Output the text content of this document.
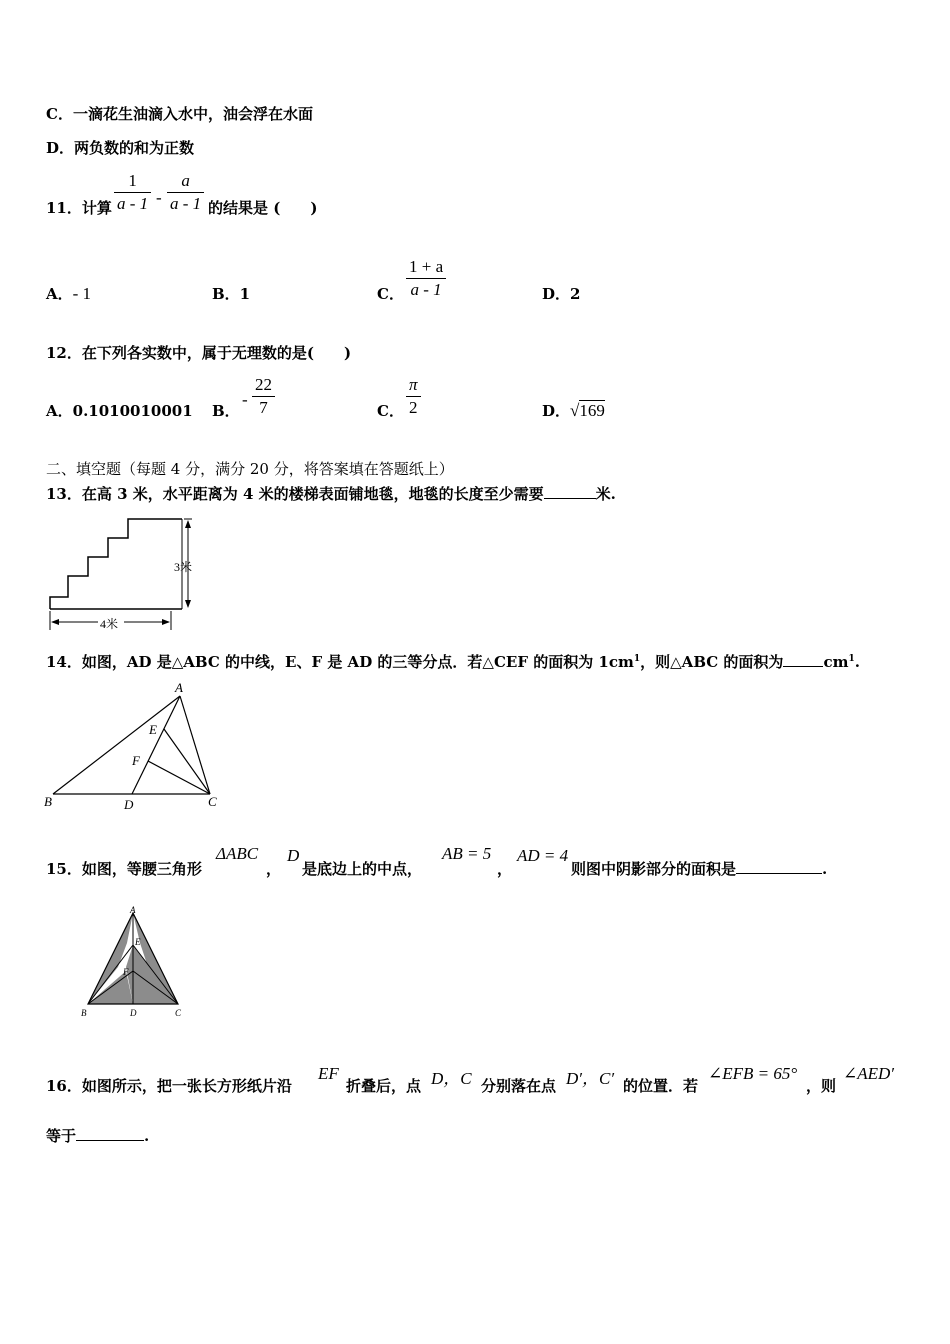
C．一滴花生油滴入水中，油会浮在水面
D．两负数的和为正数
11．计算
1
a - 1 -
a
a - 1 的结果是 (　　)
A．- 1	B．1	C．
1 + a
a - 1	D．2
12．在下列各实数中，属于无理数的是(　　)
A．0.1010010001 B．
-
22
7	C．
π
2	D．√169
二、填空题（每题 4 分，满分 20 分，将答案填在答题纸上）
13．在高 3 米，水平距离为 4 米的楼梯表面铺地毯，地毯的长度至少需要	米.
3米
4米
14．如图，AD 是△ABC 的中线，E、F 是 AD 的三等分点．若△CEF 的面积为 $1cm^1$，则△ABC 的面积为	$cm^1$.
A
E
F
B	D	C
15．如图，等腰三角形
ΔABC
，
D
是底边上的中点，
AB = 5
，
AD = 4
则图中阴影部分的面积是	.
A
E
F
B	D	C
16．如图所示，把一张长方形纸片沿
EF
折叠后，点 D，C 分别落在点 D′，C′ 的位置．若
∠EFB = 65°
，则
∠AED′
等于	.
